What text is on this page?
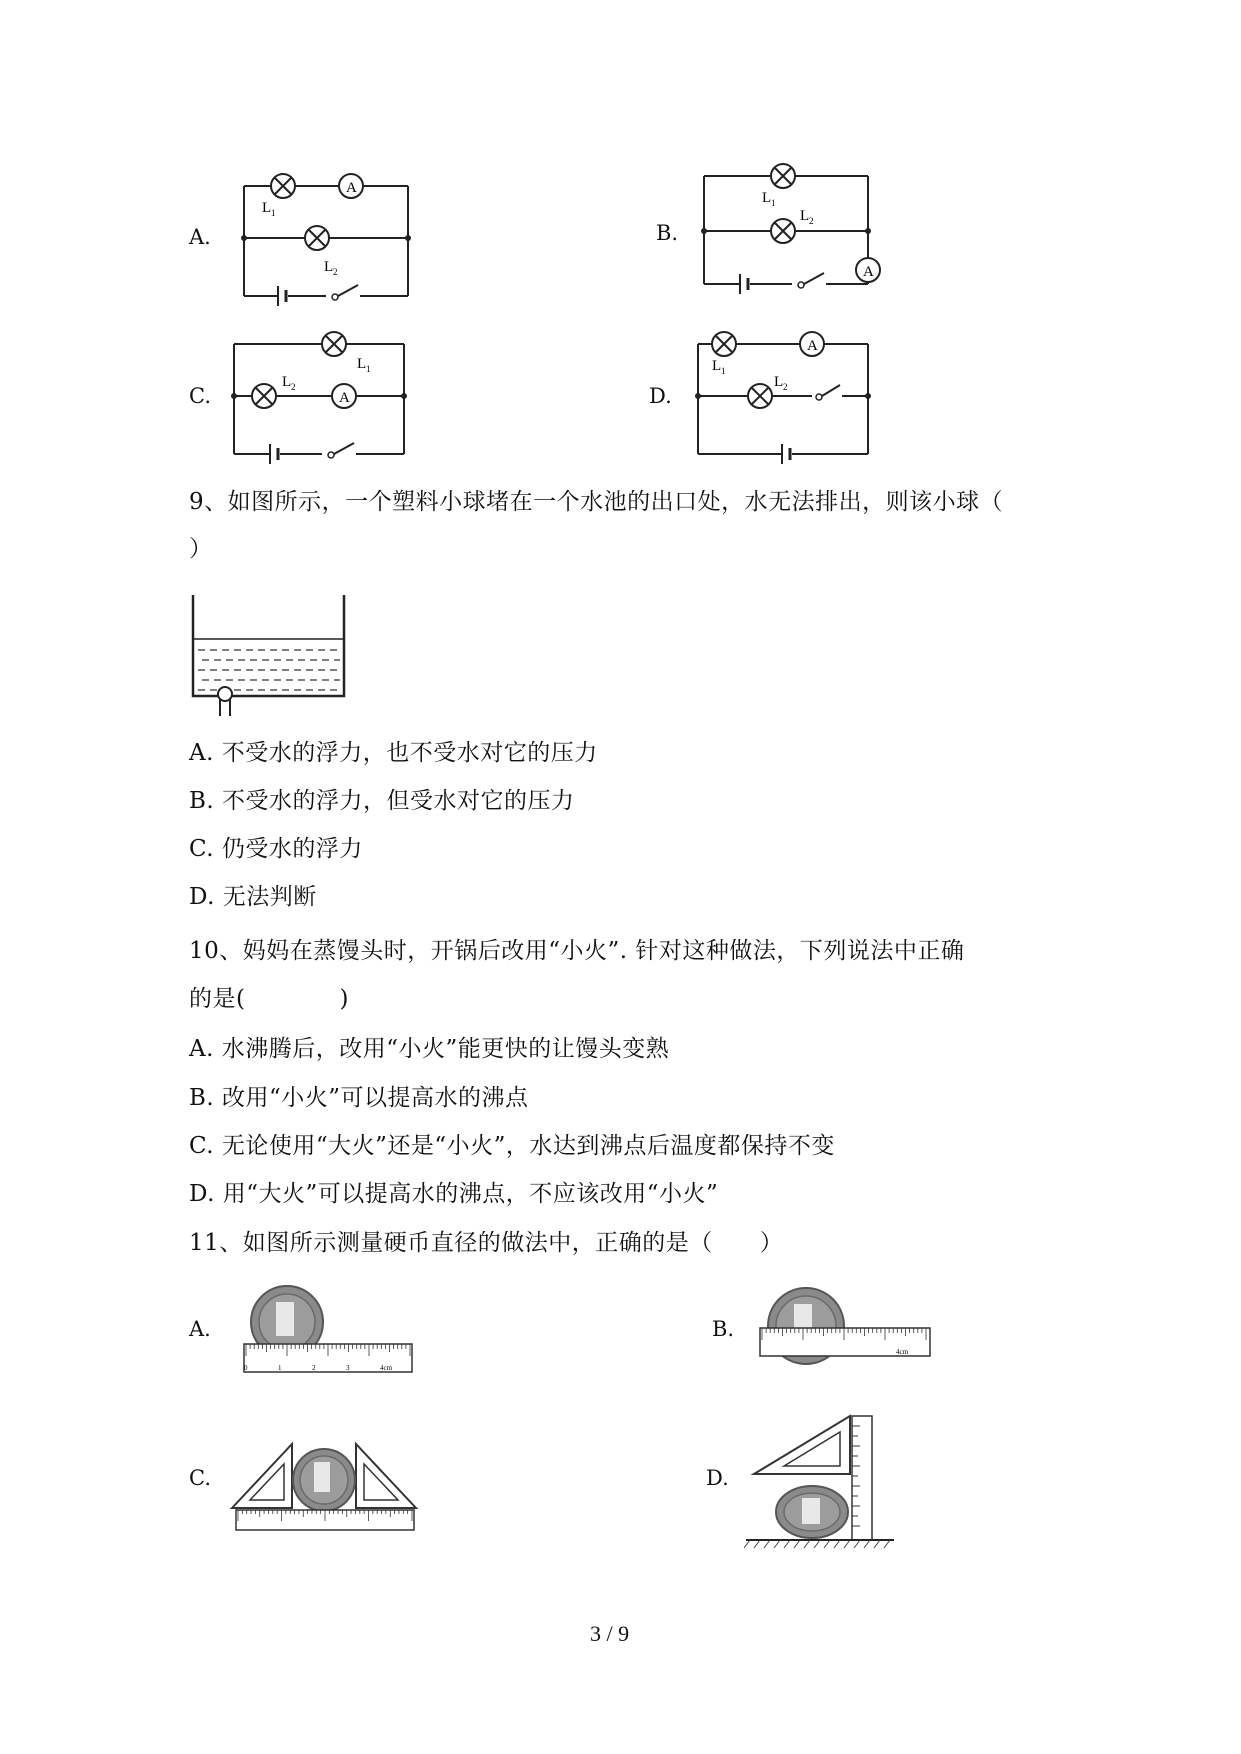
A.
A
L 1
L 2
B.
A
L 1
L 2
C.	A
L 1
L 2	D.
A
L 1
L 2
9、如图所示，一个塑料小球堵在一个水池的出口处，水无法排出，则该小球（
）
A. 不受水的浮力，也不受水对它的压力
B. 不受水的浮力，但受水对它的压力
C. 仍受水的浮力
D. 无法判断
10、妈妈在蒸馒头时，开锅后改用“小火”. 针对这种做法，下列说法中正确
的是(　　　　)
A. 水沸腾后，改用“小火”能更快的让馒头变熟
B. 改用“小火”可以提高水的沸点
C. 无论使用“大火”还是“小火”，水达到沸点后温度都保持不变
D. 用“大火”可以提高水的沸点，不应该改用“小火”
11、如图所示测量硬币直径的做法中，正确的是（　　）
A.	B.
C.	D.
0	1	2	3	4cm
4cm
3 / 9
